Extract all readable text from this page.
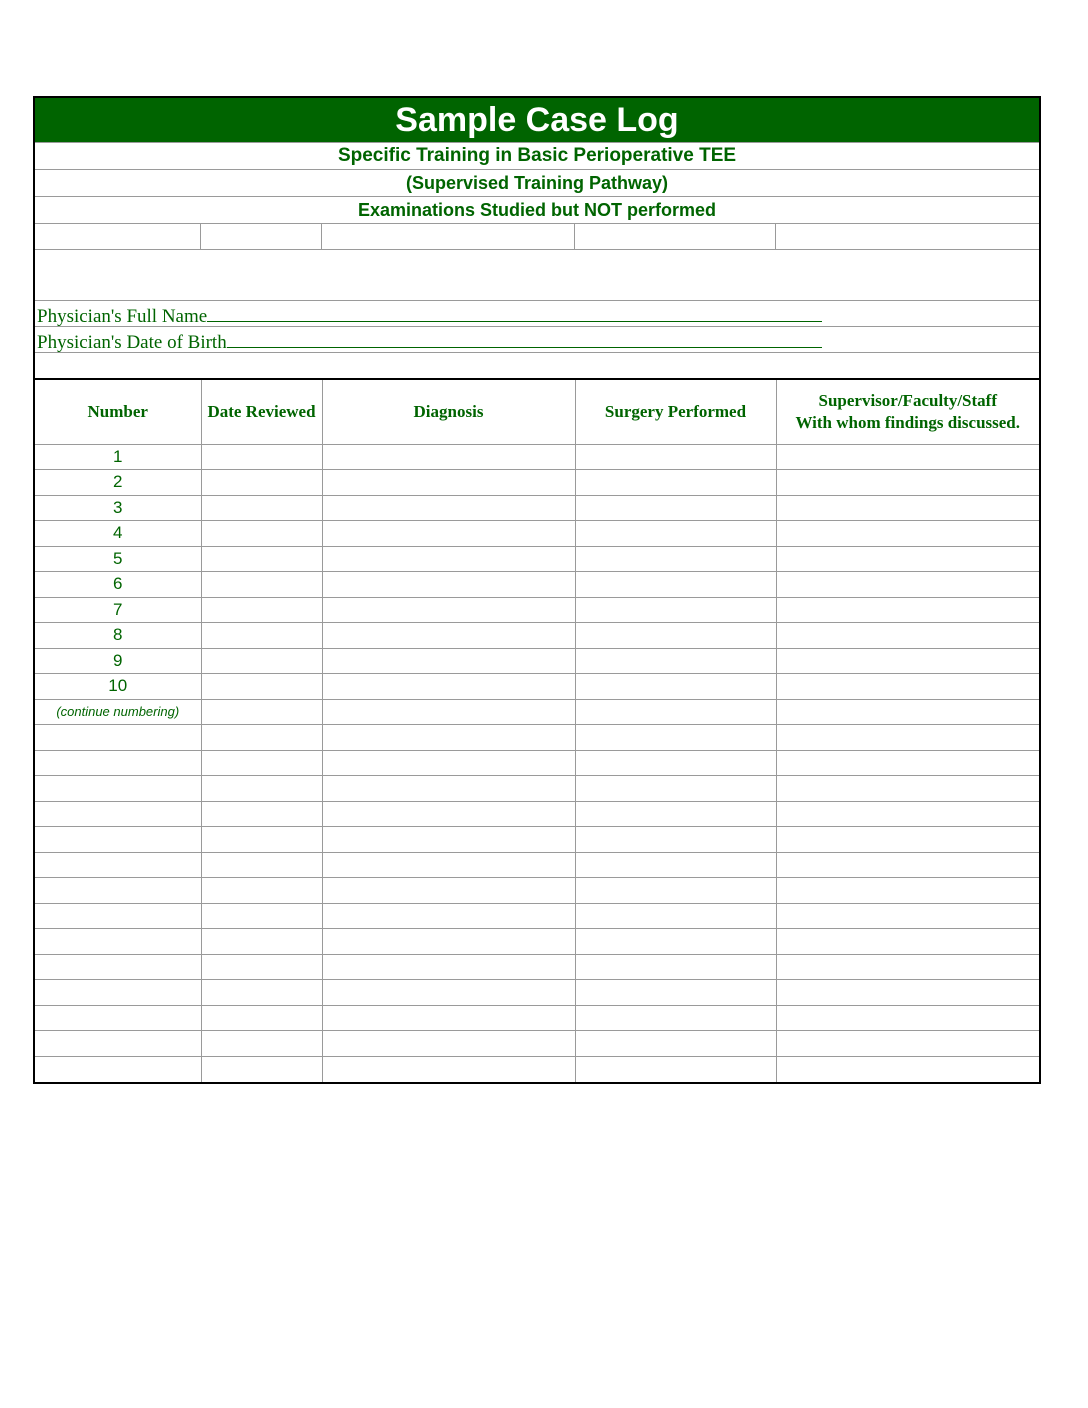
Sample Case Log
Specific Training in Basic Perioperative TEE
(Supervised Training Pathway)
Examinations Studied but NOT performed
Physician's Full Name
Physician's Date of Birth
Number	Date Reviewed	Diagnosis	Surgery Performed	Supervisor/Faculty/Staff
With whom findings discussed.
1				
2				
3				
4				
5				
6				
7				
8				
9				
10				
(continue numbering)				
